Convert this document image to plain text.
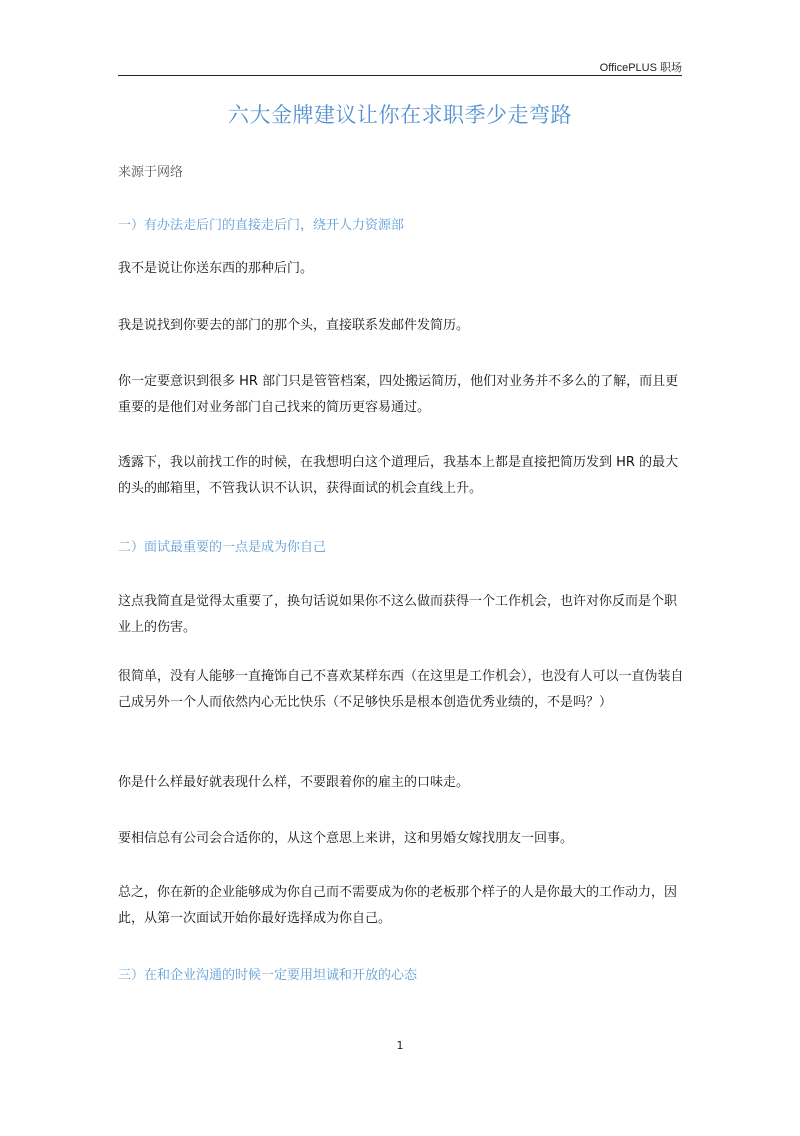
OfficePLUS 职场
六大金牌建议让你在求职季少走弯路
来源于网络
一）有办法走后门的直接走后门，绕开人力资源部

我不是说让你送东西的那种后门。

我是说找到你要去的部门的那个头，直接联系发邮件发简历。

你一定要意识到很多 HR 部门只是管管档案，四处搬运简历，他们对业务并不多么的了解，而且更重要的是他们对业务部门自己找来的简历更容易通过。

透露下，我以前找工作的时候，在我想明白这个道理后，我基本上都是直接把简历发到 HR 的最大的头的邮箱里，不管我认识不认识，获得面试的机会直线上升。

二）面试最重要的一点是成为你自己

这点我简直是觉得太重要了，换句话说如果你不这么做而获得一个工作机会，也许对你反而是个职业上的伤害。

很简单，没有人能够一直掩饰自己不喜欢某样东西（在这里是工作机会），也没有人可以一直伪装自己成另外一个人而依然内心无比快乐（不足够快乐是根本创造优秀业绩的，不是吗？）

你是什么样最好就表现什么样，不要跟着你的雇主的口味走。

要相信总有公司会合适你的，从这个意思上来讲，这和男婚女嫁找朋友一回事。

总之，你在新的企业能够成为你自己而不需要成为你的老板那个样子的人是你最大的工作动力，因此，从第一次面试开始你最好选择成为你自己。

三）在和企业沟通的时候一定要用坦诚和开放的心态
1
